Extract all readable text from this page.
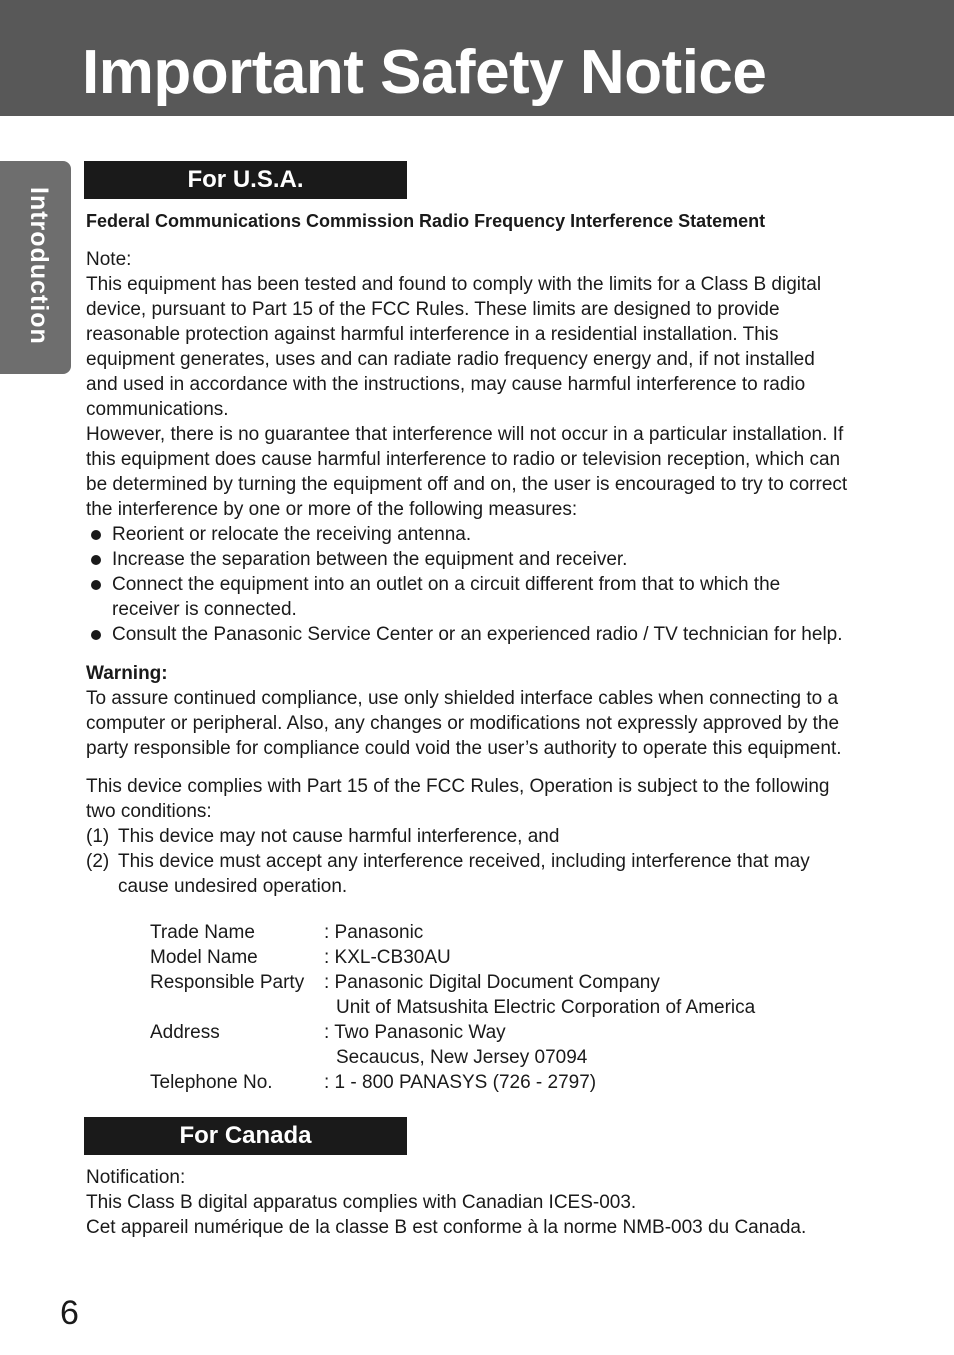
Important Safety Notice
Introduction
For U.S.A.
Federal Communications Commission Radio Frequency Interference Statement
Note:
This equipment has been tested and found to comply with the limits for a Class B digital
device, pursuant to Part 15 of the FCC Rules. These limits are designed to provide
reasonable protection against harmful interference in a residential installation. This
equipment generates, uses and can radiate radio frequency energy and, if not installed
and used in accordance with the instructions, may cause harmful interference to radio
communications.
However, there is no guarantee that interference will not occur in a particular installation. If
this equipment does cause harmful interference to radio or television reception, which can
be determined by turning the equipment off and on, the user is encouraged to try to correct
the interference by one or more of the following measures:
Reorient or relocate the receiving antenna.
Increase the separation between the equipment and receiver.
Connect the equipment into an outlet on a circuit different from that to which the
receiver is connected.
Consult the Panasonic Service Center or an experienced radio / TV technician for help.
Warning:
To assure continued compliance, use only shielded interface cables when connecting to a
computer or peripheral. Also, any changes or modifications not expressly approved by the
party responsible for compliance could void the user’s authority to operate this equipment.
This device complies with Part 15 of the FCC Rules, Operation is subject to the following
two conditions:
(1) This device may not cause harmful interference, and
(2) This device must accept any interference received, including interference that may
cause undesired operation.
Trade Name	: Panasonic
Model Name	: KXL-CB30AU
Responsible Party	: Panasonic Digital Document Company
	Unit of Matsushita Electric Corporation of America
Address	: Two Panasonic Way
	Secaucus, New Jersey 07094
Telephone No.	: 1 - 800 PANASYS (726 - 2797)
For Canada
Notification:
This Class B digital apparatus complies with Canadian ICES-003.
Cet appareil numérique de la classe B est conforme à la norme NMB-003 du Canada.
6
